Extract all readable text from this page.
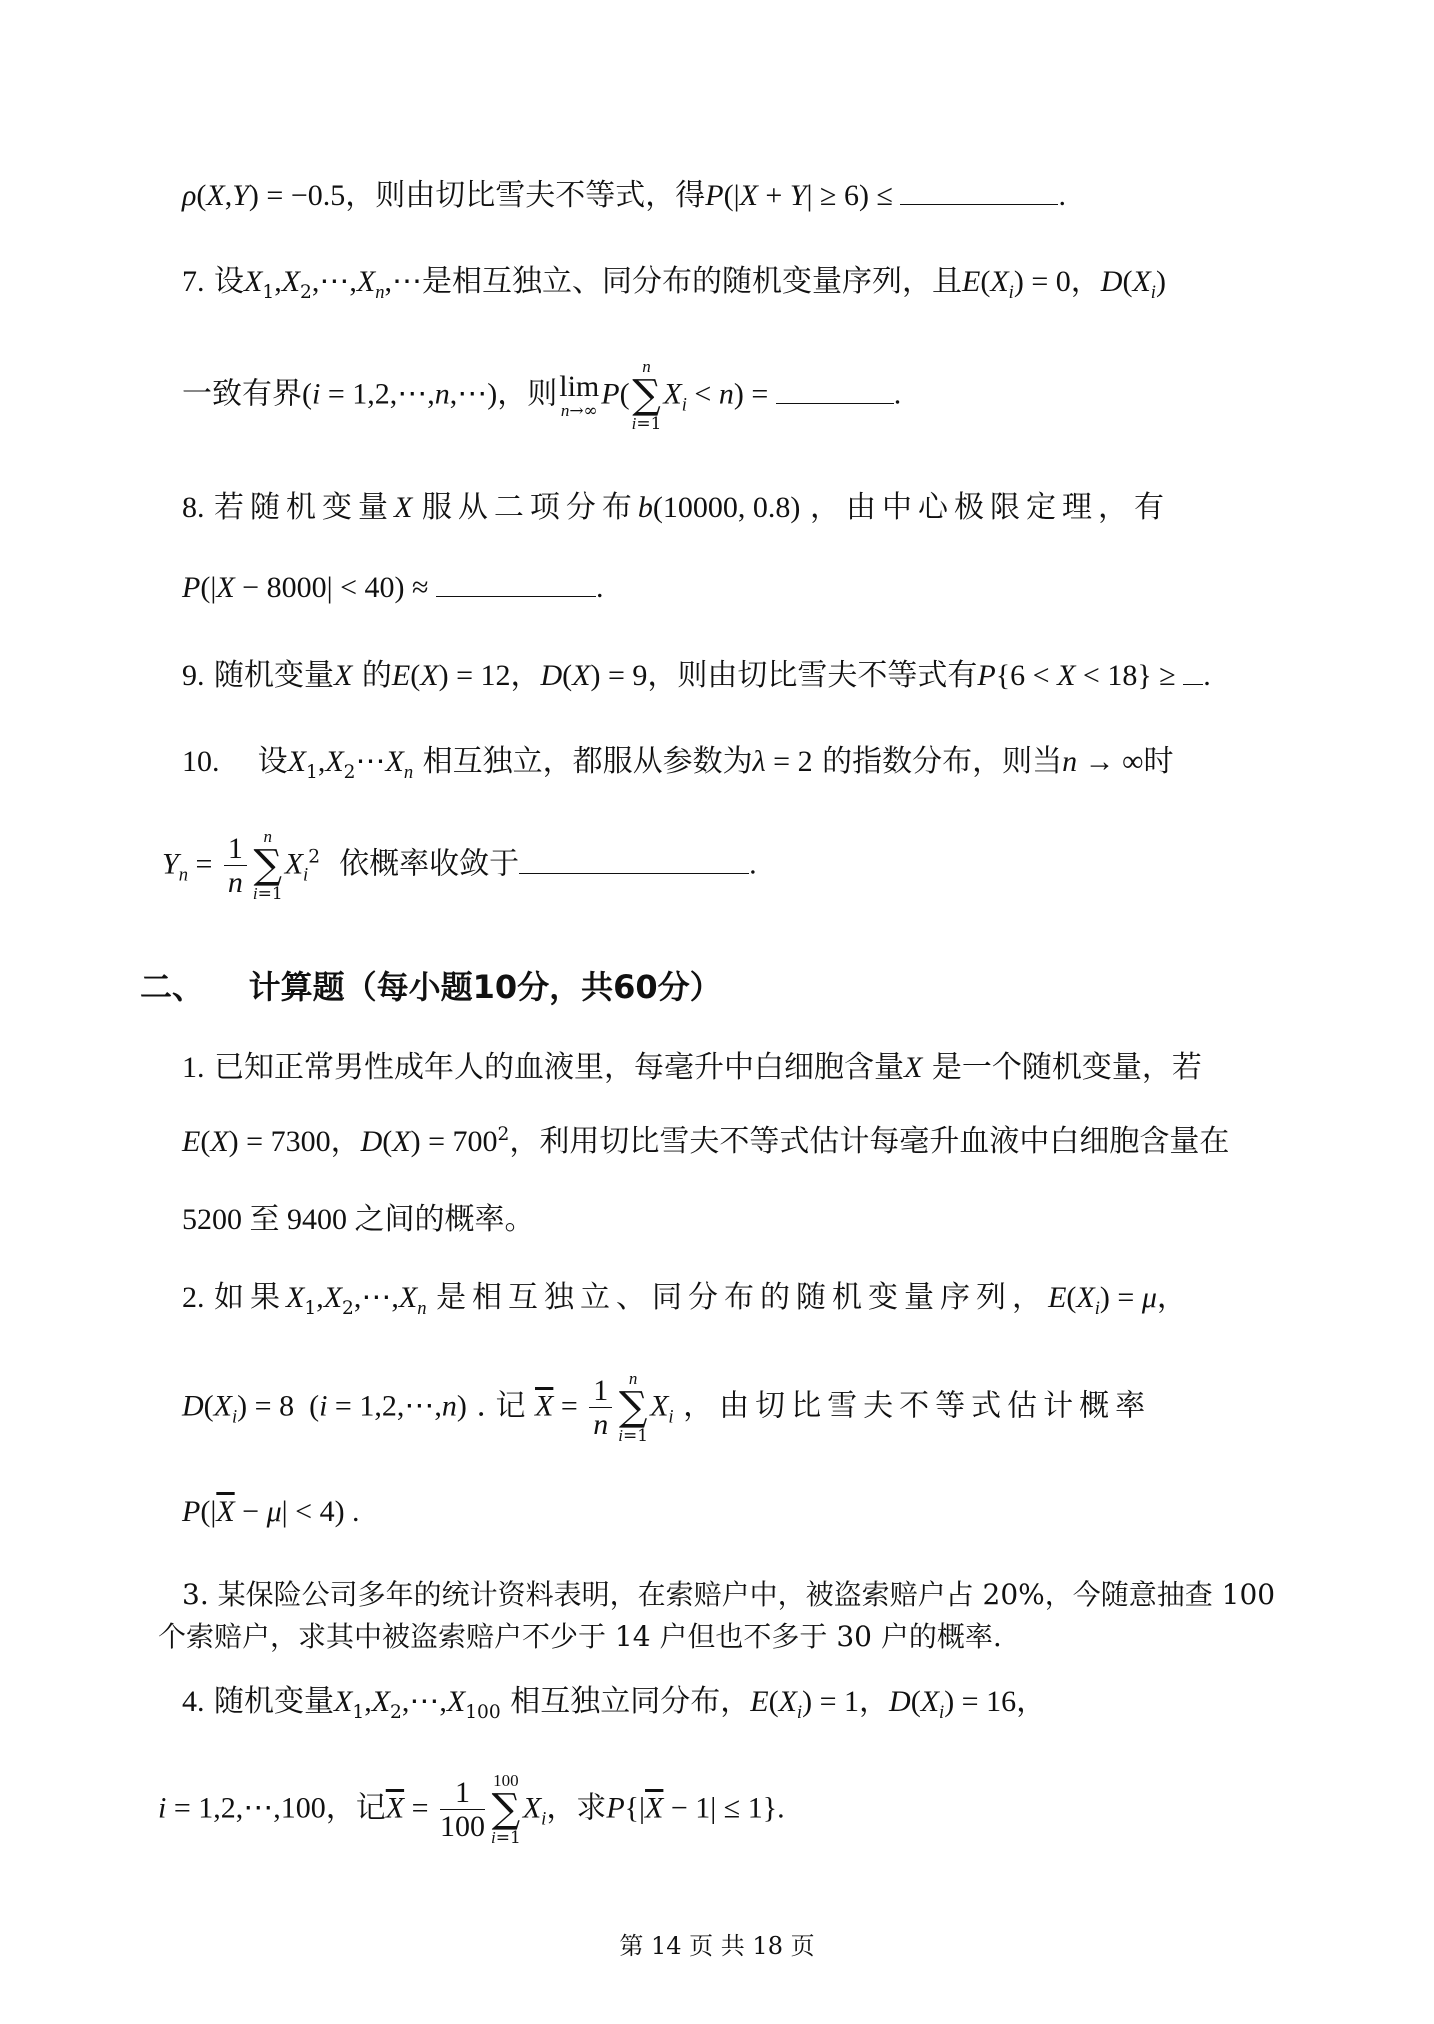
ρ(X,Y) = −0.5，则由切比雪夫不等式，得P(|X + Y| ≥ 6) ≤	.
7. 设$X_1,X_2,\cdots,X_n,\cdots$是相互独立、同分布的随机变量序列，且$E(X_i) = 0$，$D(X_i)$
一致有界(i = 1,2,⋯,n,⋯)，则 lim
n→∞ P(
n
∑
i=1
$X_i < n$) =	.
8. 若随机变量X 服从二项分布b(10000, 0.8) ，由中心极限定理，有
P(|X − 8000| < 40) ≈	.
9. 随机变量X 的E(X) = 12，D(X) = 9，则由切比雪夫不等式有P{6 < X < 18} ≥ .
10. 设$X_1,X_2\cdots X_n$ 相互独立，都服从参数为λ = 2 的指数分布，则当n → ∞时
$Y_n = \frac{1}{n}$ n
∑
i=1
$X_i^2$ 依概率收敛于	.
二、 计算题（每小题10分，共60分）
1. 已知正常男性成年人的血液里，每毫升中白细胞含量X 是一个随机变量，若
E(X) = 7300，$D(X) = 700^2$，利用切比雪夫不等式估计每毫升血液中白细胞含量在
5200 至 9400 之间的概率。
2. 如果$X_1,X_2,\cdots,X_n$ 是相互独立、同分布的随机变量序列，$E(X_i) = \mu$，
$D(X_i) = 8$  (i = 1,2,⋯,n) . 记 $\overline{X} = \frac{1}{n}$ n
∑
i=1
$X_i$ ，由切比雪夫不等式估计概率
$P(|\overline{X} - \mu| < 4)$ .
3. 某保险公司多年的统计资料表明，在索赔户中，被盗索赔户占 20%，今随意抽查 100
个索赔户，求其中被盗索赔户不少于 14 户但也不多于 30 户的概率.
4. 随机变量$X_1,X_2,\cdots,X_{100}$ 相互独立同分布，$E(X_i) = 1$，$D(X_i) = 16$，
i = 1,2,⋯,100，记$\overline{X} = \frac{1}{100} 100$
∑
i=1
$X_i$，求$P\{|\overline{X} - 1| \le 1\}$.
第 14 页 共 18 页
